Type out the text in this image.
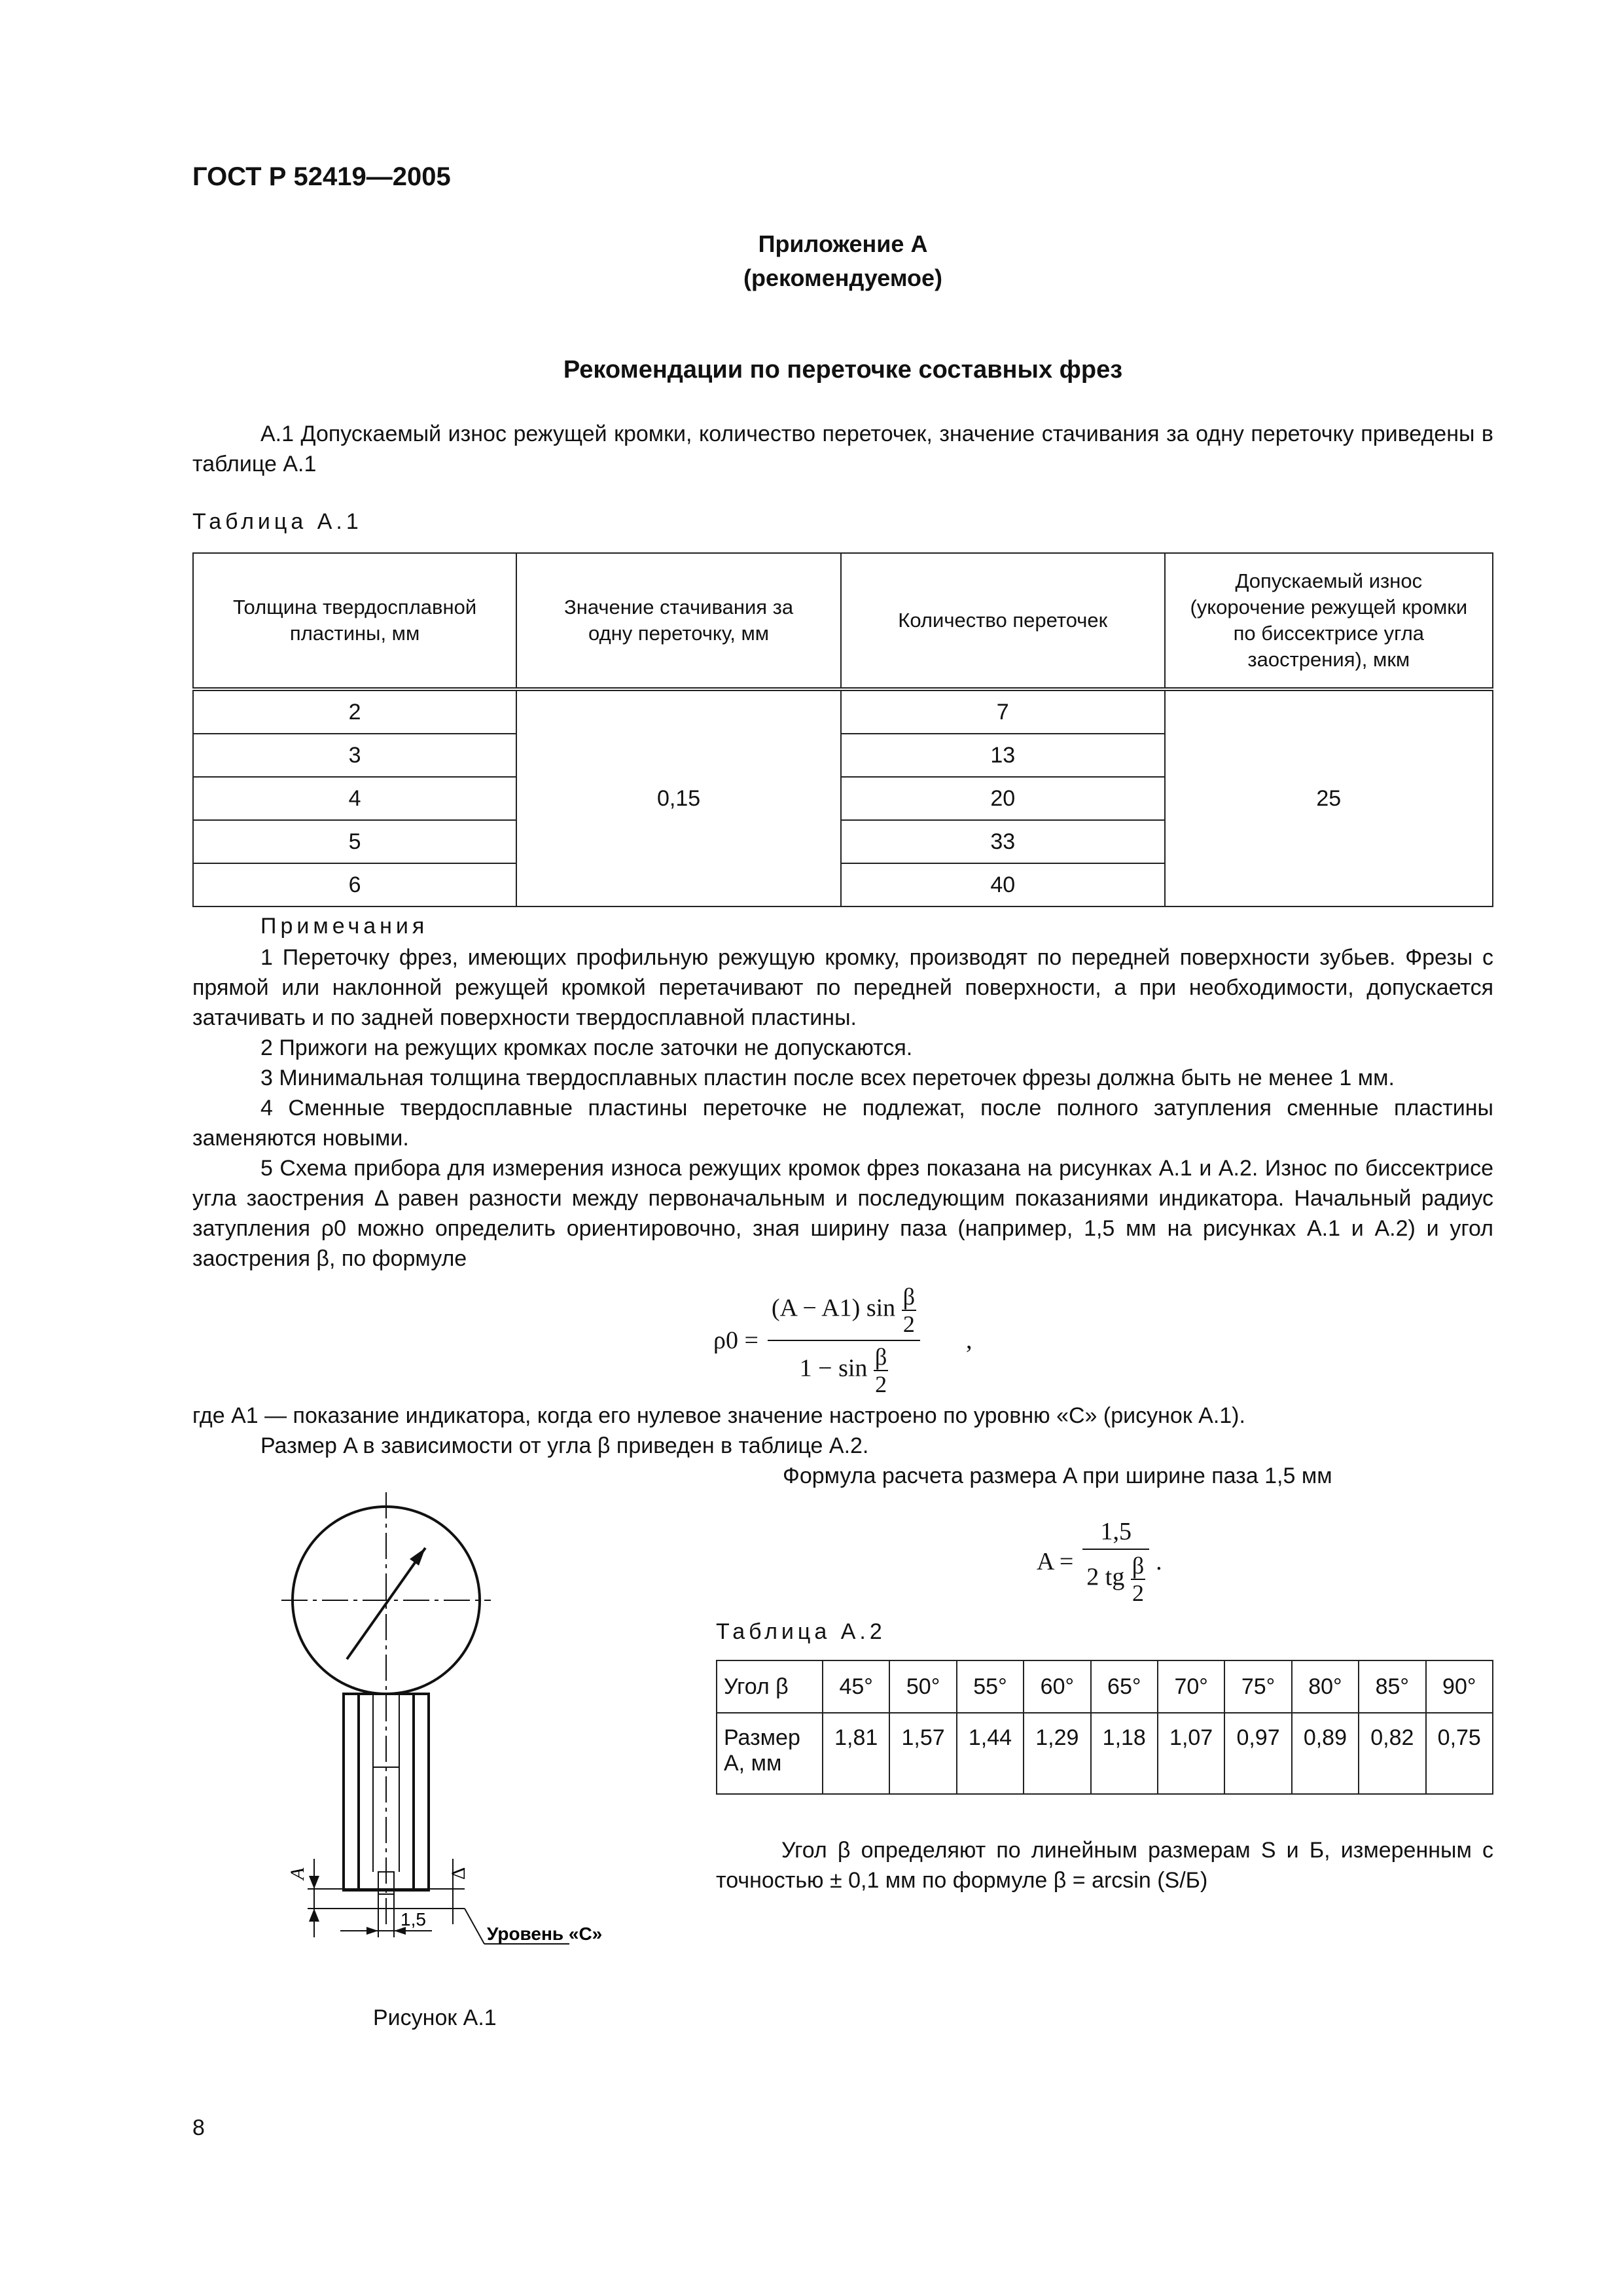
ГОСТ Р 52419—2005
Приложение А
(рекомендуемое)
Рекомендации по переточке составных фрез
А.1 Допускаемый износ режущей кромки, количество переточек, значение стачивания за одну переточку приведены в таблице А.1
Таблица А.1
Толщина твердосплавной пластины, мм	Значение стачивания за одну переточку, мм	Количество переточек	Допускаемый износ (укорочение режущей кромки по биссектрисе угла заострения), мкм

2	0,15	7	25
3		13	
4		20	
5		33	
6		40	
Примечания
1 Переточку фрез, имеющих профильную режущую кромку, производят по передней поверхности зубьев. Фрезы с прямой или наклонной режущей кромкой перетачивают по передней поверхности, а при необходимости, допускается затачивать и по задней поверхности твердосплавной пластины.
2 Прижоги на режущих кромках после заточки не допускаются.
3 Минимальная толщина твердосплавных пластин после всех переточек фрезы должна быть не менее 1 мм.
4 Сменные твердосплавные пластины переточке не подлежат, после полного затупления сменные пластины заменяются новыми.
5 Схема прибора для измерения износа режущих кромок фрез показана на рисунках А.1 и А.2. Износ по биссектрисе угла заострения Δ равен разности между первоначальным и последующим показаниями индикатора. Начальный радиус затупления ρ0 можно определить ориентировочно, зная ширину паза (например, 1,5 мм на рисунках А.1 и А.2) и угол заострения β, по формуле
$\rho 0 = \frac{(A - A1) \sin \frac{\beta}{2}}{1 - \sin \frac{\beta}{2}}$ ,
где A1 — показание индикатора, когда его нулевое значение настроено по уровню «С» (рисунок А.1).
Размер A в зависимости от угла β приведен в таблице А.2.
Формула расчета размера A при ширине паза 1,5 мм
$A = \frac{1,5}{2 tg \frac{\beta}{2}}$ .
Таблица А.2
Угол β	45°	50°	55°	60°	65°	70°	75°	80°	85°	90°
Размер A, мм	1,81	1,57	1,44	1,29	1,18	1,07	0,97	0,89	0,82	0,75
Угол β определяют по линейным размерам S и Б, измеренным с точностью ± 0,1 мм по формуле β = arcsin (S/Б)
1,5
Уровень «С»
A	Δ
Рисунок А.1
8
